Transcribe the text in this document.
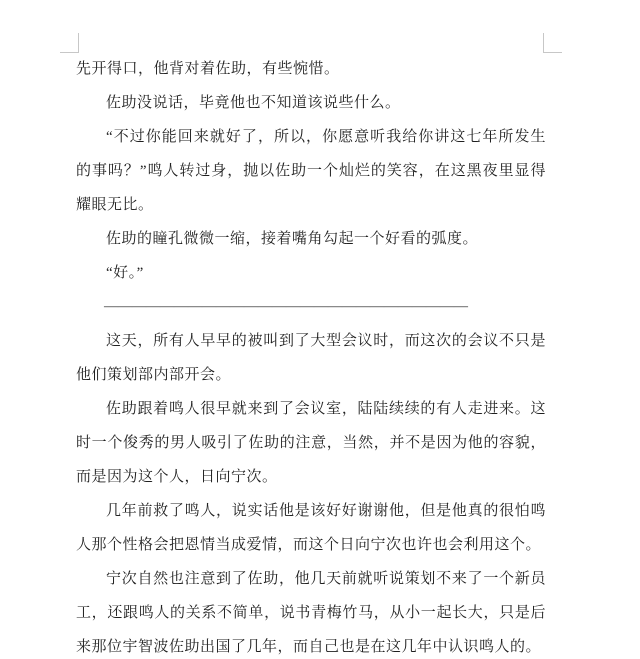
先开得口，他背对着佐助，有些惋惜。

佐助没说话，毕竟他也不知道该说些什么。

“不过你能回来就好了，所以，你愿意听我给你讲这七年所发生的事吗？”鸣人转过身，抛以佐助一个灿烂的笑容，在这黑夜里显得耀眼无比。

佐助的瞳孔微微一缩，接着嘴角勾起一个好看的弧度。

“好。”

——————————————————————————

这天，所有人早早的被叫到了大型会议时，而这次的会议不只是他们策划部内部开会。

佐助跟着鸣人很早就来到了会议室，陆陆续续的有人走进来。这时一个俊秀的男人吸引了佐助的注意，当然，并不是因为他的容貌，而是因为这个人，日向宁次。

几年前救了鸣人，说实话他是该好好谢谢他，但是他真的很怕鸣人那个性格会把恩情当成爱情，而这个日向宁次也许也会利用这个。

宁次自然也注意到了佐助，他几天前就听说策划不来了一个新员工，还跟鸣人的关系不简单，说书青梅竹马，从小一起长大，只是后来那位宇智波佐助出国了几年，而自己也是在这几年中认识鸣人的。
